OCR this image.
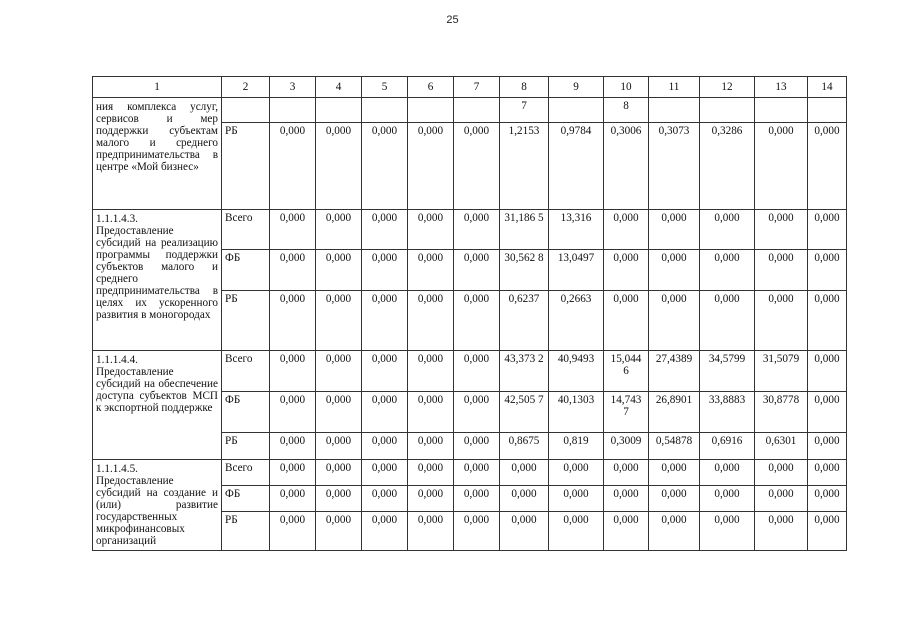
25
1	2	3	4	5	6	7	8	9	10	11	12	13	14
ния комплекса услуг, сервисов и мер поддержки субъектам малого и среднего предпринимательства в центре «Мой бизнес»							7		8				
	РБ	0,000	0,000	0,000	0,000	0,000	1,2153	0,9784	0,3006	0,3073	0,3286	0,000	0,000
1.1.1.4.3. Предоставление субсидий на реализацию программы поддержки субъектов малого и среднего предпринимательства в целях их ускоренного развития в моногородах	Всего	0,000	0,000	0,000	0,000	0,000	31,186 5	13,316	0,000	0,000	0,000	0,000	0,000
	ФБ	0,000	0,000	0,000	0,000	0,000	30,562 8	13,0497	0,000	0,000	0,000	0,000	0,000
	РБ	0,000	0,000	0,000	0,000	0,000	0,6237	0,2663	0,000	0,000	0,000	0,000	0,000
1.1.1.4.4. Предоставление субсидий на обеспечение доступа субъектов МСП к экспортной поддержке	Всего	0,000	0,000	0,000	0,000	0,000	43,373 2	40,9493	15,044 6	27,4389	34,5799	31,5079	0,000
	ФБ	0,000	0,000	0,000	0,000	0,000	42,505 7	40,1303	14,743 7	26,8901	33,8883	30,8778	0,000
	РБ	0,000	0,000	0,000	0,000	0,000	0,8675	0,819	0,3009	0,54878	0,6916	0,6301	0,000
1.1.1.4.5. Предоставление субсидий на создание и (или) развитие государственных микрофинансовых организаций	Всего	0,000	0,000	0,000	0,000	0,000	0,000	0,000	0,000	0,000	0,000	0,000	0,000
	ФБ	0,000	0,000	0,000	0,000	0,000	0,000	0,000	0,000	0,000	0,000	0,000	0,000
	РБ	0,000	0,000	0,000	0,000	0,000	0,000	0,000	0,000	0,000	0,000	0,000	0,000
